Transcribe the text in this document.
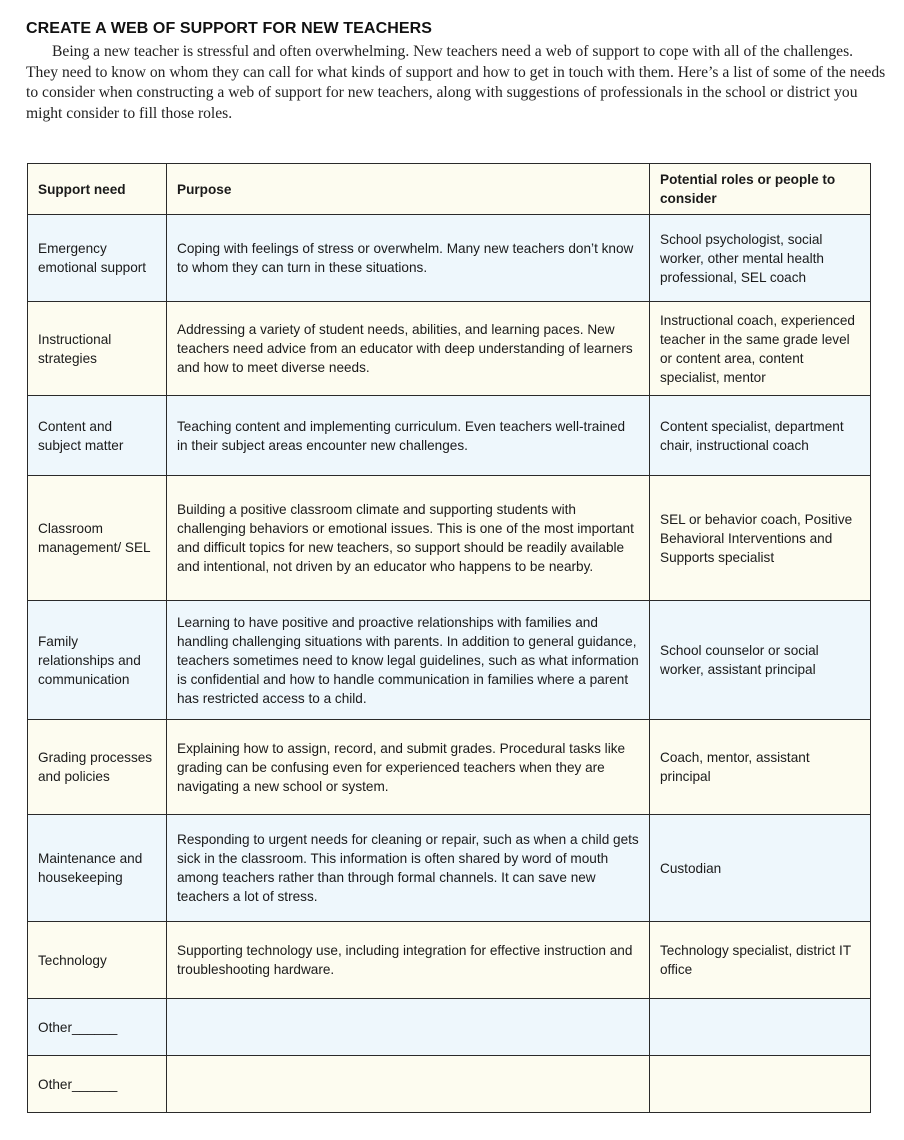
CREATE A WEB OF SUPPORT FOR NEW TEACHERS

Being a new teacher is stressful and often overwhelming. New teachers need a web of support to cope with all of the challenges. They need to know on whom they can call for what kinds of support and how to get in touch with them. Here’s a list of some of the needs to consider when constructing a web of support for new teachers, along with suggestions of professionals in the school or district you might consider to fill those roles.

Support need	Purpose	Potential roles or people to consider
Emergency emotional support	Coping with feelings of stress or overwhelm. Many new teachers don’t know to whom they can turn in these situations.	School psychologist, social worker, other mental health professional, SEL coach
Instructional strategies	Addressing a variety of student needs, abilities, and learning paces. New teachers need advice from an educator with deep understanding of learners and how to meet diverse needs.	Instructional coach, experienced teacher in the same grade level or content area, content specialist, mentor
Content and subject matter	Teaching content and implementing curriculum. Even teachers well-trained in their subject areas encounter new challenges.	Content specialist, department chair, instructional coach
Classroom management/ SEL	Building a positive classroom climate and supporting students with challenging behaviors or emotional issues. This is one of the most important and difficult topics for new teachers, so support should be readily available and intentional, not driven by an educator who happens to be nearby.	SEL or behavior coach, Positive Behavioral Interventions and Supports specialist
Family relationships and communication	Learning to have positive and proactive relationships with families and handling challenging situations with parents. In addition to general guidance, teachers sometimes need to know legal guidelines, such as what information is confidential and how to handle communication in families where a parent has restricted access to a child.	School counselor or social worker, assistant principal
Grading processes and policies	Explaining how to assign, record, and submit grades. Procedural tasks like grading can be confusing even for experienced teachers when they are navigating a new school or system.	Coach, mentor, assistant principal
Maintenance and housekeeping	Responding to urgent needs for cleaning or repair, such as when a child gets sick in the classroom. This information is often shared by word of mouth among teachers rather than through formal channels. It can save new teachers a lot of stress.	Custodian
Technology	Supporting technology use, including integration for effective instruction and troubleshooting hardware.	Technology specialist, district IT office
Other______		
Other______		
